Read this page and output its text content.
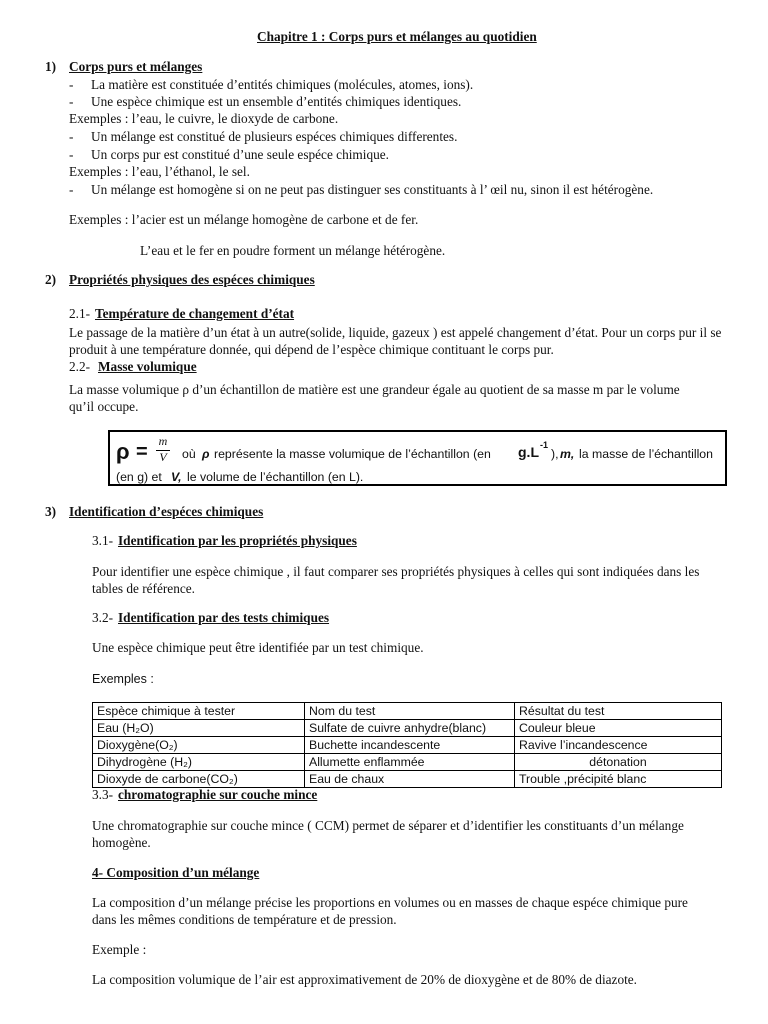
Chapitre 1 : Corps purs et mélanges au quotidien
1) Corps purs et mélanges
- La matière est constituée d’entités chimiques (molécules, atomes, ions).
- Une espèce chimique est un ensemble d’entités chimiques identiques.
Exemples : l’eau, le cuivre, le dioxyde de carbone.
- Un mélange est constitué de plusieurs espéces chimiques differentes.
- Un corps pur est constitué d’une seule espéce chimique.
Exemples : l’eau, l’éthanol, le sel.
- Un mélange est homogène si on ne peut pas distinguer ses constituants à l’ œil nu, sinon il est hétérogène.
Exemples : l’acier est un mélange homogène de carbone et de fer.
L’eau et le fer en poudre forment un mélange hétérogène.
2) Propriétés physiques des espéces chimiques
2.1- Température de changement d’état
Le passage de la matière d’un état à un autre(solide, liquide, gazeux ) est appelé changement d’état. Pour un corps pur il se produit à une température donnée, qui dépend de l’espèce chimique contituant le corps pur.
2.2- Masse volumique
La masse volumique ρ d’un échantillon de matière est une grandeur égale au quotient de sa masse m par le volume qu’il occupe.
ρ = m
V où ρ représente la masse volumique de l’échantillon (en g.L -1
), m, la masse de l’échantillon
(en g) et V, le volume de l’échantillon (en L).
3) Identification d’espéces chimiques
3.1- Identification par les propriétés physiques
Pour identifier une espèce chimique , il faut comparer ses propriétés physiques à celles qui sont indiquées dans les tables de référence.
3.2- Identification par des tests chimiques
Une espèce chimique peut être identifiée par un test chimique.
Exemples :
Espèce chimique à tester	Nom du test	Résultat du test
Eau (H₂O)	Sulfate de cuivre anhydre(blanc)	Couleur bleue
Dioxygène(O₂)	Buchette incandescente	Ravive l’incandescence
Dihydrogène (H₂)	Allumette enflammée	détonation
Dioxyde de carbone(CO₂)	Eau de chaux	Trouble ,précipité blanc
3.3- chromatographie sur couche mince
Une chromatographie sur couche mince ( CCM) permet de séparer et d’identifier les constituants d’un mélange homogène.
4- Composition d’un mélange
La composition d’un mélange précise les proportions en volumes ou en masses de chaque espéce chimique pure dans les mêmes conditions de température et de pression.
Exemple :
La composition volumique de l’air est approximativement de 20% de dioxygène et de 80% de diazote.
